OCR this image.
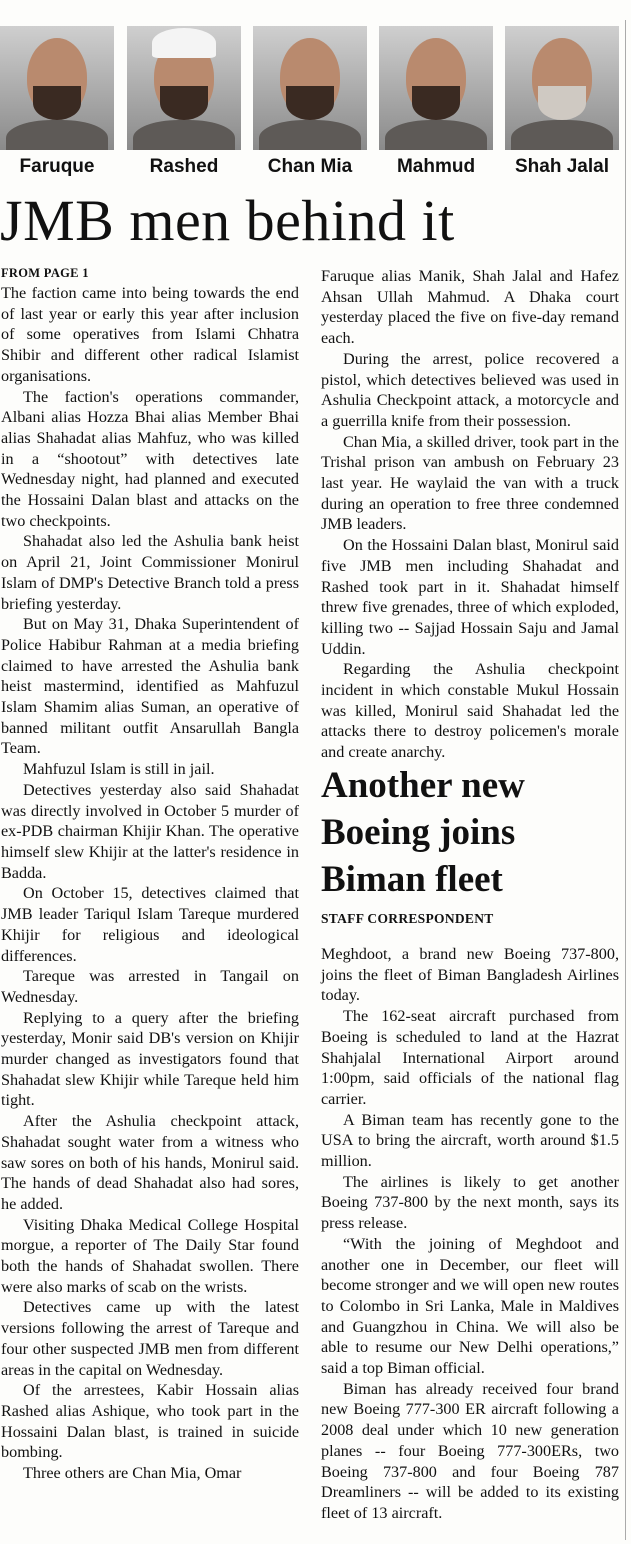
Faruque	Rashed	Chan Mia	Mahmud	Shah Jalal
JMB men behind it
FROM PAGE 1

The faction came into being towards the end of last year or early this year after inclusion of some operatives from Islami Chhatra Shibir and different other radical Islamist organisations.

The faction's operations commander, Albani alias Hozza Bhai alias Member Bhai alias Shahadat alias Mahfuz, who was killed in a “shootout” with detectives late Wednesday night, had planned and executed the Hossaini Dalan blast and attacks on the two checkpoints.

Shahadat also led the Ashulia bank heist on April 21, Joint Commissioner Monirul Islam of DMP's Detective Branch told a press briefing yesterday.

But on May 31, Dhaka Superintendent of Police Habibur Rahman at a media briefing claimed to have arrested the Ashulia bank heist mastermind, identified as Mahfuzul Islam Shamim alias Suman, an operative of banned militant outfit Ansarullah Bangla Team.

Mahfuzul Islam is still in jail.

Detectives yesterday also said Shahadat was directly involved in October 5 murder of ex-PDB chairman Khijir Khan. The operative himself slew Khijir at the latter's residence in Badda.

On October 15, detectives claimed that JMB leader Tariqul Islam Tareque murdered Khijir for religious and ideological differences.

Tareque was arrested in Tangail on Wednesday.

Replying to a query after the briefing yesterday, Monir said DB's version on Khijir murder changed as investigators found that Shahadat slew Khijir while Tareque held him tight.

After the Ashulia checkpoint attack, Shahadat sought water from a witness who saw sores on both of his hands, Monirul said. The hands of dead Shahadat also had sores, he added.

Visiting Dhaka Medical College Hospital morgue, a reporter of The Daily Star found both the hands of Shahadat swollen. There were also marks of scab on the wrists.

Detectives came up with the latest versions following the arrest of Tareque and four other suspected JMB men from different areas in the capital on Wednesday.

Of the arrestees, Kabir Hossain alias Rashed alias Ashique, who took part in the Hossaini Dalan blast, is trained in suicide bombing.

Three others are Chan Mia, Omar

Faruque alias Manik, Shah Jalal and Hafez Ahsan Ullah Mahmud. A Dhaka court yesterday placed the five on five-day remand each.

During the arrest, police recovered a pistol, which detectives believed was used in Ashulia Checkpoint attack, a motorcycle and a guerrilla knife from their possession.

Chan Mia, a skilled driver, took part in the Trishal prison van ambush on February 23 last year. He waylaid the van with a truck during an operation to free three condemned JMB leaders.

On the Hossaini Dalan blast, Monirul said five JMB men including Shahadat and Rashed took part in it. Shahadat himself threw five grenades, three of which exploded, killing two -- Sajjad Hossain Saju and Jamal Uddin.

Regarding the Ashulia checkpoint incident in which constable Mukul Hossain was killed, Monirul said Shahadat led the attacks there to destroy policemen's morale and create anarchy.

Another new Boeing joins Biman fleet
STAFF CORRESPONDENT

Meghdoot, a brand new Boeing 737-800, joins the fleet of Biman Bangladesh Airlines today.

The 162-seat aircraft purchased from Boeing is scheduled to land at the Hazrat Shahjalal International Airport around 1:00pm, said officials of the national flag carrier.

A Biman team has recently gone to the USA to bring the aircraft, worth around $1.5 million.

The airlines is likely to get another Boeing 737-800 by the next month, says its press release.

“With the joining of Meghdoot and another one in December, our fleet will become stronger and we will open new routes to Colombo in Sri Lanka, Male in Maldives and Guangzhou in China. We will also be able to resume our New Delhi operations,” said a top Biman official.

Biman has already received four brand new Boeing 777-300 ER aircraft following a 2008 deal under which 10 new generation planes -- four Boeing 777-300ERs, two Boeing 737-800 and four Boeing 787 Dreamliners -- will be added to its existing fleet of 13 aircraft.
